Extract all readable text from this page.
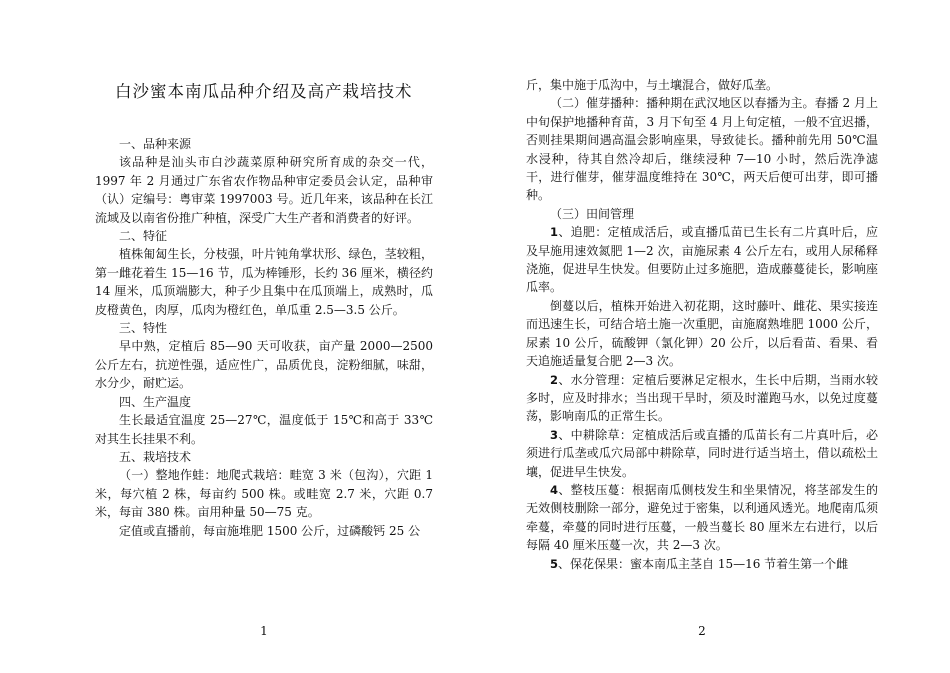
白沙蜜本南瓜品种介绍及高产栽培技术

一、品种来源

该品种是汕头市白沙蔬菜原种研究所育成的杂交一代，1997 年 2 月通过广东省农作物品种审定委员会认定，品种审（认）定编号：粤审菜 1997003 号。近几年来，该品种在长江流域及以南省份推广种植，深受广大生产者和消费者的好评。

二、特征

植株匍匐生长，分枝强，叶片钝角掌状形、绿色，茎较粗，第一雌花着生 15—16 节，瓜为棒锤形，长约 36 厘米，横径约 14 厘米，瓜顶端膨大，种子少且集中在瓜顶端上，成熟时，瓜皮橙黄色，肉厚，瓜肉为橙红色，单瓜重 2.5—3.5 公斤。

三、特性

早中熟，定植后 85—90 天可收获，亩产量 2000—2500 公斤左右，抗逆性强，适应性广，品质优良，淀粉细腻，味甜，水分少，耐贮运。

四、生产温度

生长最适宜温度 25—27℃，温度低于 15℃和高于 33℃对其生长挂果不利。

五、栽培技术

（一）整地作蛙：地爬式栽培：畦宽 3 米（包沟），穴距 1 米，每穴植 2 株，每亩约 500 株。或畦宽 2.7 米，穴距 0.7 米，每亩 380 株。亩用种量 50—75 克。

定值或直播前，每亩施堆肥 1500 公斤，过磷酸钙 25 公

1

斤，集中施于瓜沟中，与土壤混合，做好瓜垄。

（二）催芽播种：播种期在武汉地区以春播为主。春播 2 月上中旬保护地播种育苗，3 月下旬至 4 月上旬定植，一般不宜迟播，否则挂果期间遇高温会影响座果，导致徒长。播种前先用 50℃温水浸种，待其自然冷却后，继续浸种 7—10 小时，然后洗净滤干，进行催芽，催芽温度维持在 30℃，两天后便可出芽，即可播种。

（三）田间管理

1、追肥：定植成活后，或直播瓜苗已生长有二片真叶后，应及早施用速效氮肥 1—2 次，亩施尿素 4 公斤左右，或用人尿稀释浇施，促进早生快发。但要防止过多施肥，造成藤蔓徒长，影响座瓜率。

倒蔓以后，植株开始进入初花期，这时藤叶、雌花、果实接连而迅速生长，可结合培土施一次重肥，亩施腐熟堆肥 1000 公斤，尿素 10 公斤，硫酸钾（氯化钾）20 公斤，以后看苗、看果、看天追施适量复合肥 2—3 次。

2、水分管理：定植后要淋足定根水，生长中后期，当雨水较多时，应及时排水；当出现干旱时，须及时灌跑马水，以免过度蔓荡，影响南瓜的正常生长。

3、中耕除草：定植成活后或直播的瓜苗长有二片真叶后，必须进行瓜垄或瓜穴局部中耕除草，同时进行适当培土，借以疏松土壤，促进早生快发。

4、整枝压蔓：根据南瓜侧枝发生和坐果情况，将茎部发生的无效侧枝删除一部分，避免过于密集，以利通风透光。地爬南瓜须牵蔓，牵蔓的同时进行压蔓，一般当蔓长 80 厘米左右进行，以后每隔 40 厘米压蔓一次，共 2—3 次。

5、保花保果：蜜本南瓜主茎自 15—16 节着生第一个雌

2
